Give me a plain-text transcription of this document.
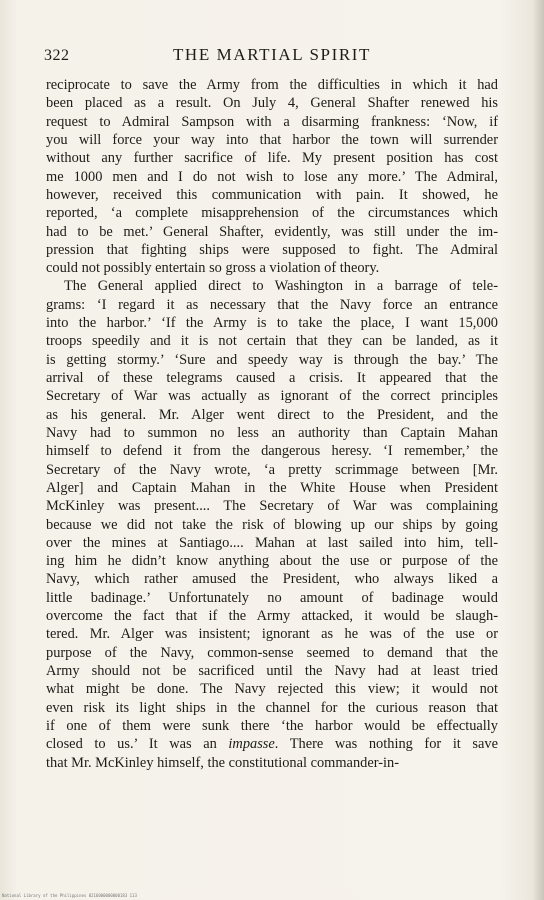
322	THE MARTIAL SPIRIT
reciprocate to save the Army from the difficulties in which it had
been placed as a result. On July 4, General Shafter renewed his
request to Admiral Sampson with a disarming frankness: ‘Now, if
you will force your way into that harbor the town will surrender
without any further sacrifice of life. My present position has cost
me 1000 men and I do not wish to lose any more.’ The Admiral,
however, received this communication with pain. It showed, he
reported, ‘a complete misapprehension of the circumstances which
had to be met.’ General Shafter, evidently, was still under the im-
pression that fighting ships were supposed to fight. The Admiral
could not possibly entertain so gross a violation of theory.
The General applied direct to Washington in a barrage of tele-
grams: ‘I regard it as necessary that the Navy force an entrance
into the harbor.’ ‘If the Army is to take the place, I want 15,000
troops speedily and it is not certain that they can be landed, as it
is getting stormy.’ ‘Sure and speedy way is through the bay.’ The
arrival of these telegrams caused a crisis. It appeared that the
Secretary of War was actually as ignorant of the correct principles
as his general. Mr. Alger went direct to the President, and the
Navy had to summon no less an authority than Captain Mahan
himself to defend it from the dangerous heresy. ‘I remember,’ the
Secretary of the Navy wrote, ‘a pretty scrimmage between [Mr.
Alger] and Captain Mahan in the White House when President
McKinley was present.... The Secretary of War was complaining
because we did not take the risk of blowing up our ships by going
over the mines at Santiago.... Mahan at last sailed into him, tell-
ing him he didn’t know anything about the use or purpose of the
Navy, which rather amused the President, who always liked a
little badinage.’ Unfortunately no amount of badinage would
overcome the fact that if the Army attacked, it would be slaugh-
tered. Mr. Alger was insistent; ignorant as he was of the use or
purpose of the Navy, common-sense seemed to demand that the
Army should not be sacrificed until the Navy had at least tried
what might be done. The Navy rejected this view; it would not
even risk its light ships in the channel for the curious reason that
if one of them were sunk there ‘the harbor would be effectually
closed to us.’ It was an impasse. There was nothing for it save
that Mr. McKinley himself, the constitutional commander-in-
National Library of the Philippines 0216000000000183 113
